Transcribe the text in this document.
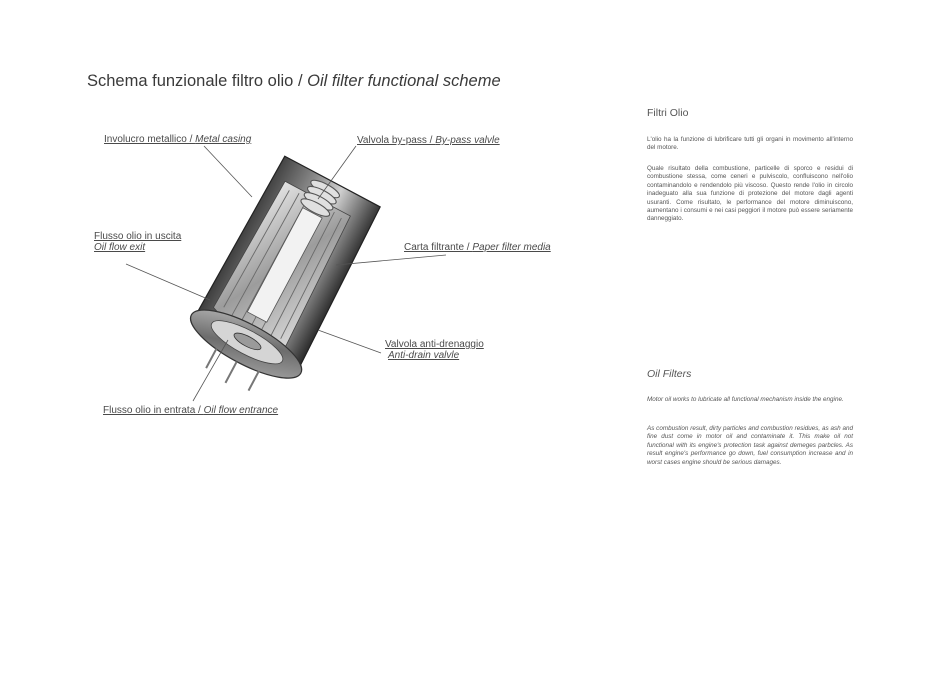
Schema funzionale filtro olio / Oil filter functional scheme
Involucro metallico / Metal casing	Valvola by-pass / By-pass valvle
Flusso olio in uscita
Oil flow exit	Carta filtrante / Paper filter media
Valvola anti-drenaggio
Anti-drain valvle
Flusso olio in entrata / Oil flow entrance
Filtri Olio
L'olio ha la funzione di lubrificare tutti gli organi in movimento all'interno del motore.
Quale risultato della combustione, particelle di sporco e residui di combustione stessa, come ceneri e pulviscolo, confluiscono nell'olio contaminandolo e rendendolo più viscoso. Questo rende l'olio in circolo inadeguato alla sua funzione di protezione del motore dagli agenti usuranti. Come risultato, le performance del motore diminuiscono, aumentano i consumi e nei casi peggiori il motore può essere seriamente danneggiato.
Oil Filters
Motor oil works to lubricate all functional mechanism inside the engine.
As combustion result, dirty particles and combustion residues, as ash and fine dust come in motor oil and contaminate it. This make oil not functional with its engine's protection task against demeges parbcles. As result engine's performance go down, fuel consumption increase and in worst cases engine should be serious damages.
